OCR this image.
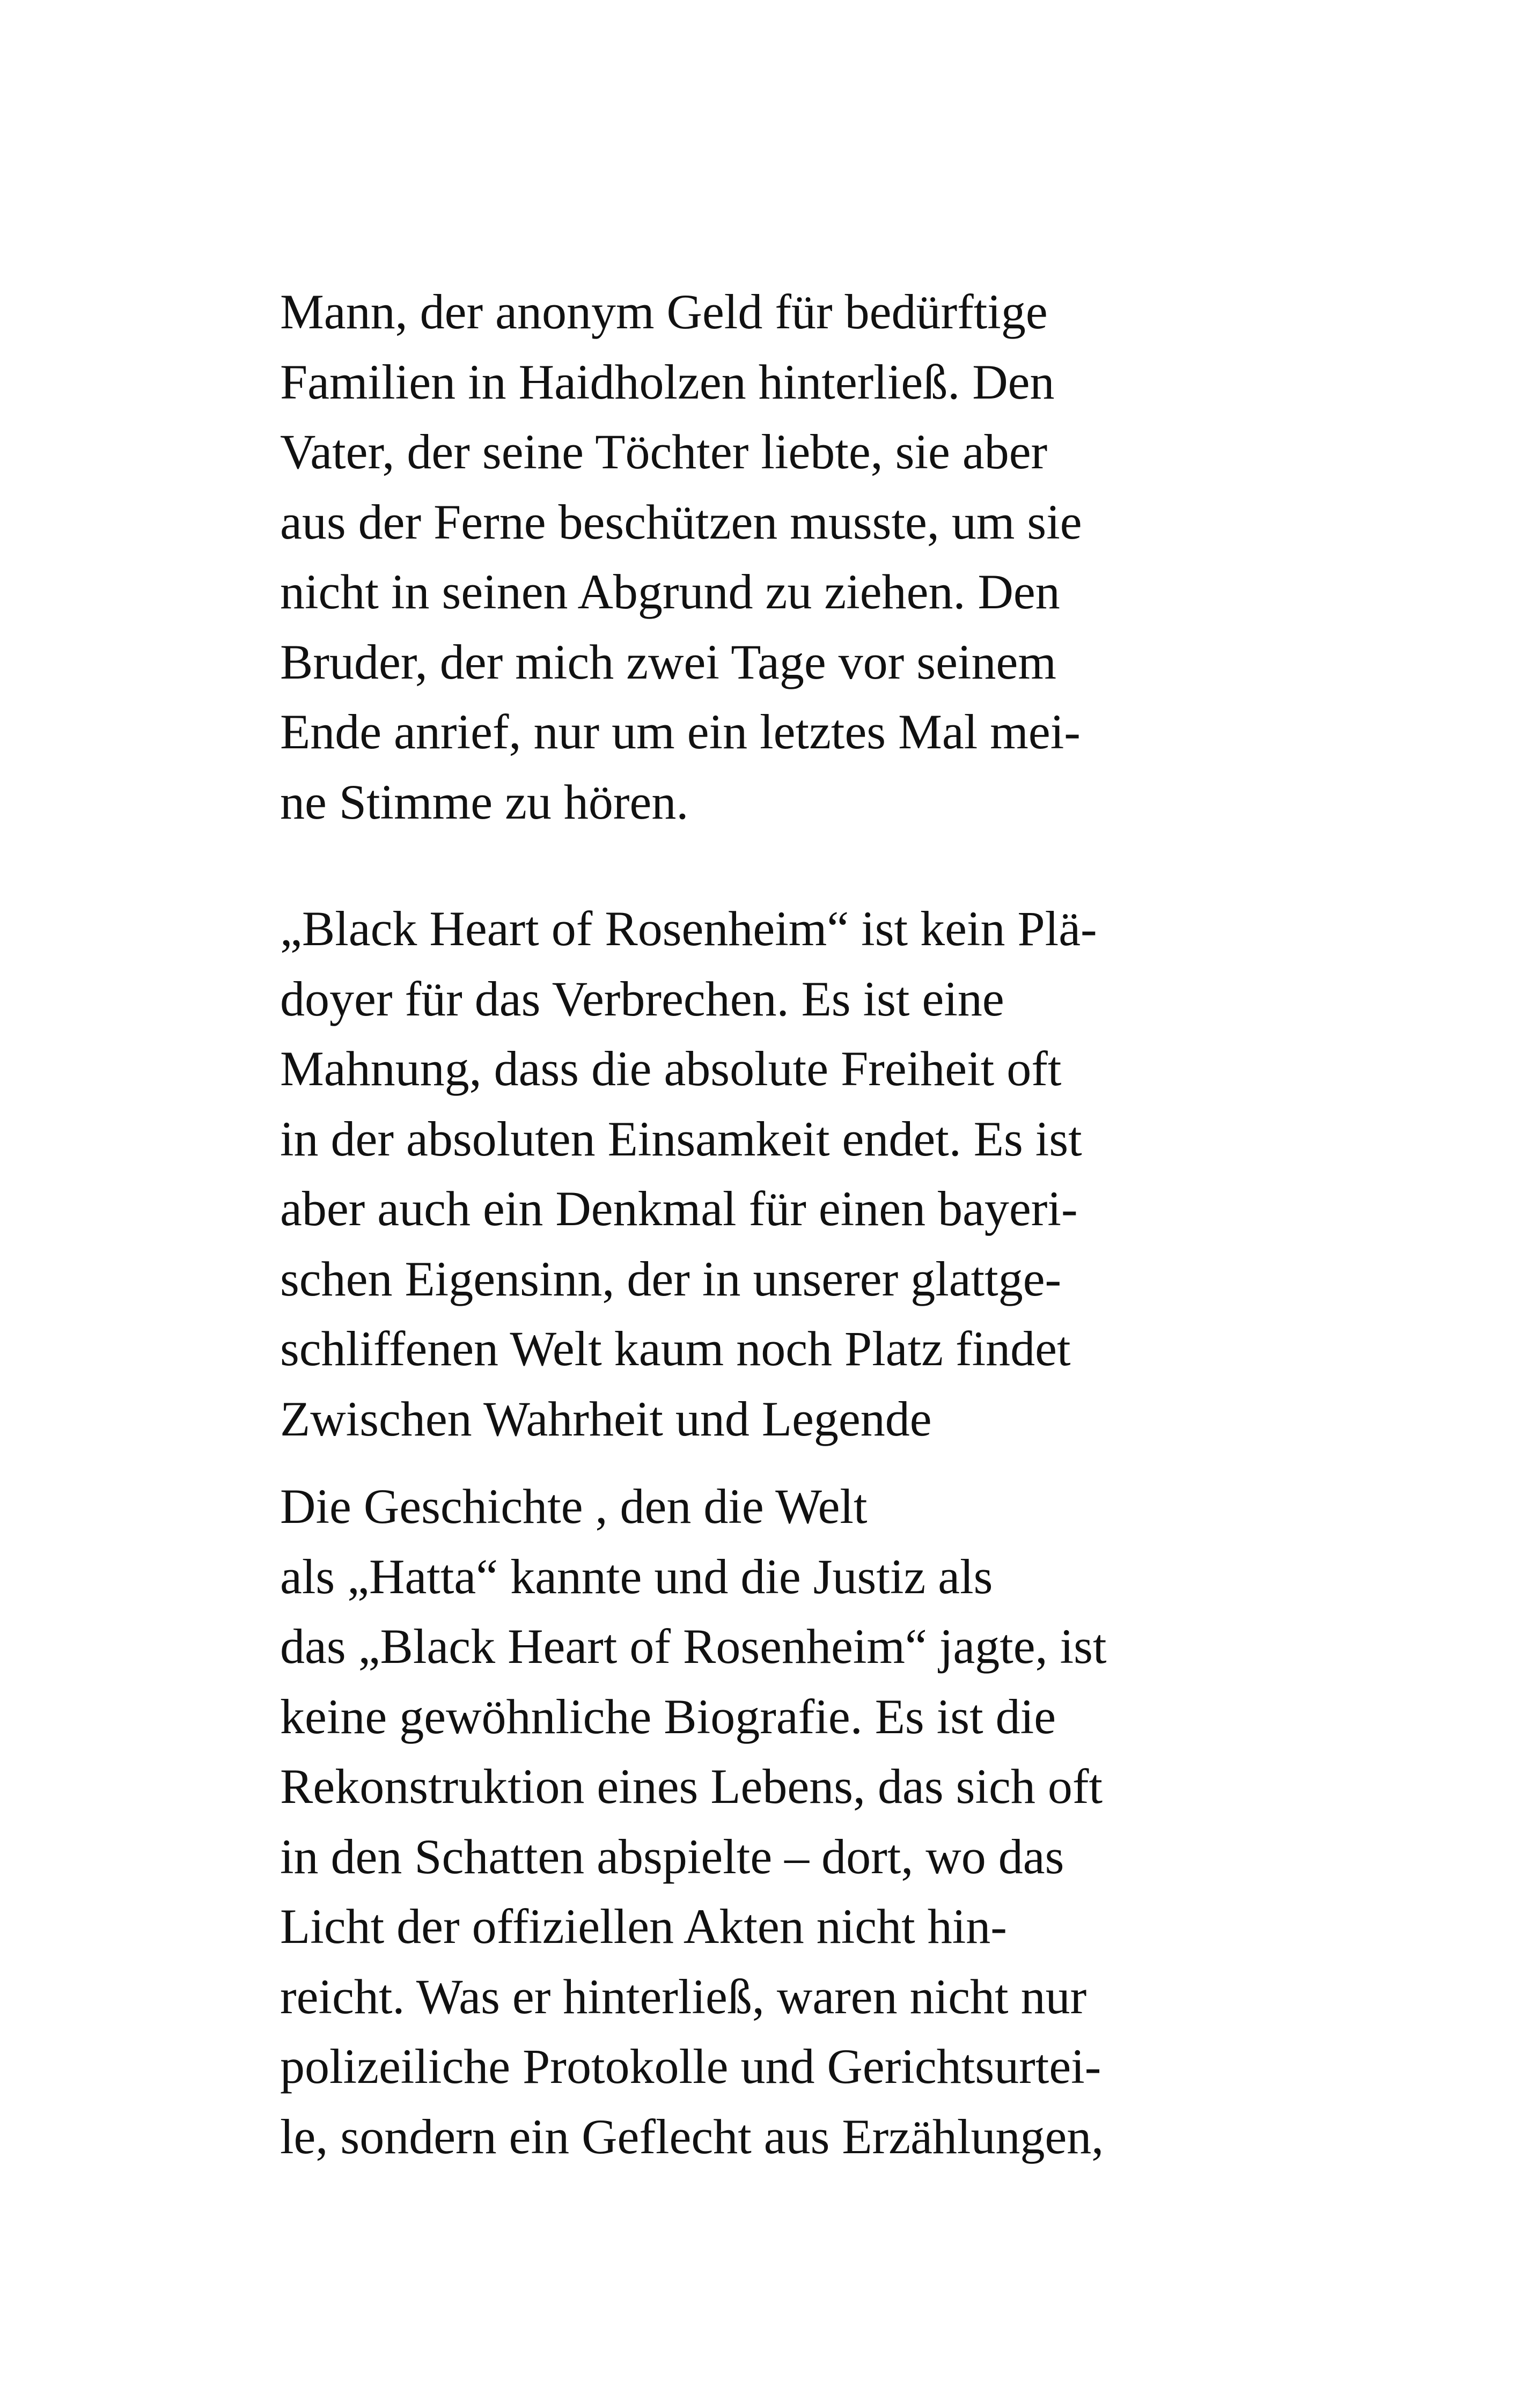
Mann, der anonym Geld für bedürftige
Familien in Haidholzen hinterließ. Den
Vater, der seine Töchter liebte, sie aber
aus der Ferne beschützen musste, um sie
nicht in seinen Abgrund zu ziehen. Den
Bruder, der mich zwei Tage vor seinem
Ende anrief, nur um ein letztes Mal mei-
ne Stimme zu hören.
„Black Heart of Rosenheim“ ist kein Plä-
doyer für das Verbrechen. Es ist eine
Mahnung, dass die absolute Freiheit oft
in der absoluten Einsamkeit endet. Es ist
aber auch ein Denkmal für einen bayeri-
schen Eigensinn, der in unserer glattge-
schliffenen Welt kaum noch Platz findet
Zwischen Wahrheit und Legende
Die Geschichte , den die Welt
als „Hatta“ kannte und die Justiz als
das „Black Heart of Rosenheim“ jagte, ist
keine gewöhnliche Biografie. Es ist die
Rekonstruktion eines Lebens, das sich oft
in den Schatten abspielte – dort, wo das
Licht der offiziellen Akten nicht hin-
reicht. Was er hinterließ, waren nicht nur
polizeiliche Protokolle und Gerichtsurtei-
le, sondern ein Geflecht aus Erzählungen,
